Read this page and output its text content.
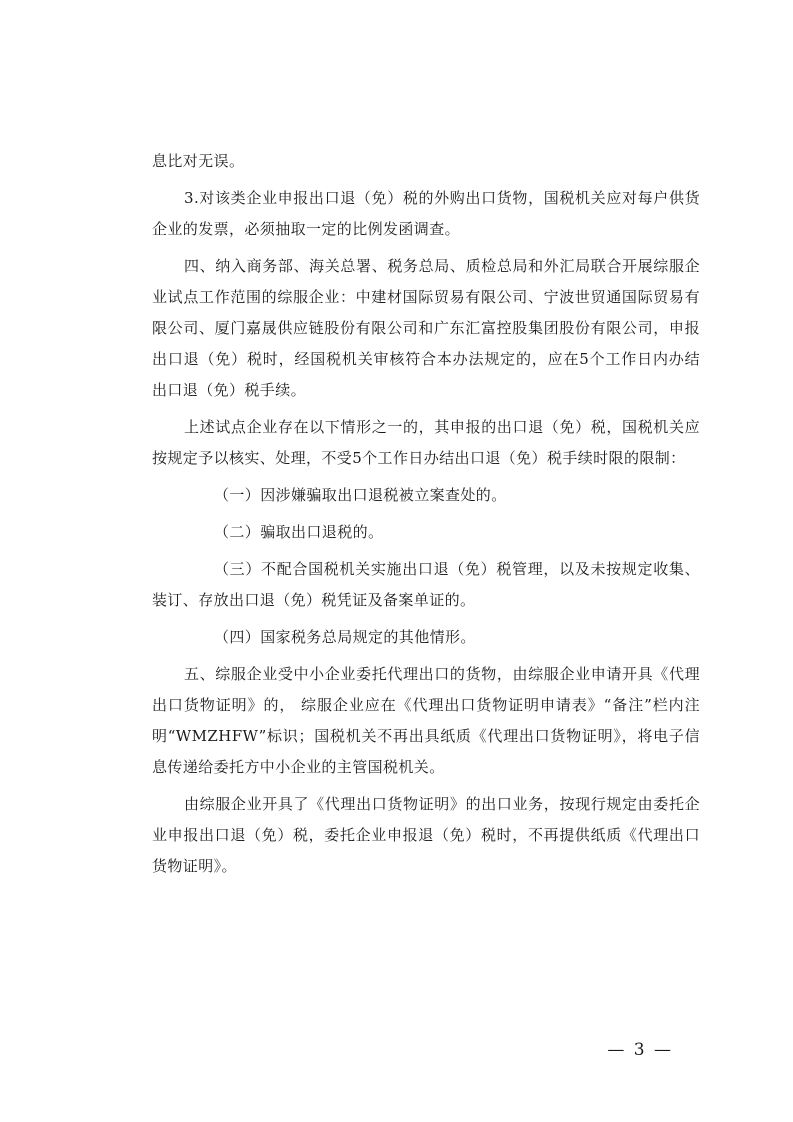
息比对无误。

3.对该类企业申报出口退（免）税的外购出口货物，国税机关应对每户供货企业的发票，必须抽取一定的比例发函调查。

四、纳入商务部、海关总署、税务总局、质检总局和外汇局联合开展综服企业试点工作范围的综服企业：中建材国际贸易有限公司、宁波世贸通国际贸易有限公司、厦门嘉晟供应链股份有限公司和广东汇富控股集团股份有限公司，申报出口退（免）税时，经国税机关审核符合本办法规定的，应在5个工作日内办结出口退（免）税手续。

上述试点企业存在以下情形之一的，其申报的出口退（免）税，国税机关应按规定予以核实、处理，不受5个工作日办结出口退（免）税手续时限的限制：

（一）因涉嫌骗取出口退税被立案查处的。

（二）骗取出口退税的。

（三）不配合国税机关实施出口退（免）税管理，以及未按规定收集、装订、存放出口退（免）税凭证及备案单证的。

（四）国家税务总局规定的其他情形。

五、综服企业受中小企业委托代理出口的货物，由综服企业申请开具《代理出口货物证明》的， 综服企业应在《代理出口货物证明申请表》“备注”栏内注明“WMZHFW”标识；国税机关不再出具纸质《代理出口货物证明》，将电子信息传递给委托方中小企业的主管国税机关。

由综服企业开具了《代理出口货物证明》的出口业务，按现行规定由委托企业申报出口退（免）税，委托企业申报退（免）税时，不再提供纸质《代理出口货物证明》。

— 3 —
